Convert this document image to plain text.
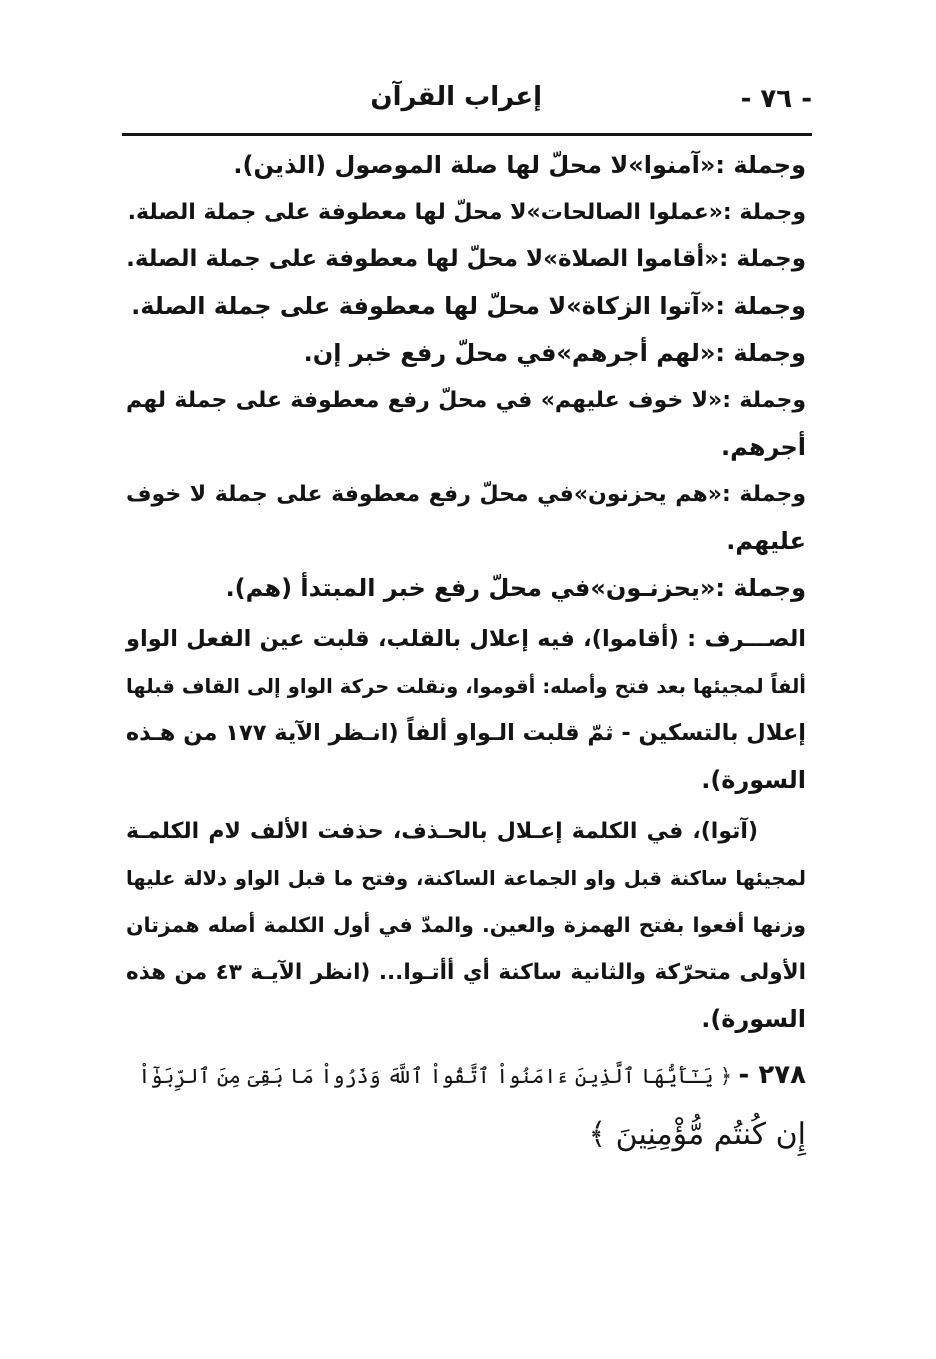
- ٧٦ -
إعراب القرآن
وجملة :«آمنوا»لا محلّ لها صلة الموصول (الذين).
وجملة :«عملوا الصالحات»لا محلّ لها معطوفة على جملة الصلة.
وجملة :«أقاموا الصلاة»لا محلّ لها معطوفة على جملة الصلة.
وجملة :«آتوا الزكاة»لا محلّ لها معطوفة على جملة الصلة.
وجملة :«لهم أجرهم»في محلّ رفع خبر إن.
وجملة :«لا خوف عليهم» في محلّ رفع معطوفة على جملة لهم
أجرهم.
وجملة :«هم يحزنون»في محلّ رفع معطوفة على جملة لا خوف
عليهم.
وجملة :«يحزنـون»في محلّ رفع خبر المبتدأ (هم).
الصـــرف : (أقاموا)، فيه إعلال بالقلب، قلبت عين الفعل الواو
ألفاً لمجيئها بعد فتح وأصله: أقوموا، ونقلت حركة الواو إلى القاف قبلها
إعلال بالتسكين - ثمّ قلبت الـواو ألفاً (انـظر الآية ١٧٧ من هـذه
السورة).
(آتوا)، في الكلمة إعـلال بالحـذف، حذفت الألف لام الكلمـة
لمجيئها ساكنة قبل واو الجماعة الساكنة، وفتح ما قبل الواو دلالة عليها
وزنها أفعوا بفتح الهمزة والعين. والمدّ في أول الكلمة أصله همزتان
الأولى متحرّكة والثانية ساكنة أي أأتـوا... (انظر الآيـة ٤٣ من هذه
السورة).
٢٧٨ - ﴿ يَـٰٓأَيُّهَا ٱلَّذِينَ ءَامَنُواْ ٱتَّقُواْ ٱللَّهَ وَذَرُواْ مَا بَقِىَ مِنَ ٱلرِّبَوٰٓاْ
إِن كُنتُم مُّؤْمِنِينَ ﴾
